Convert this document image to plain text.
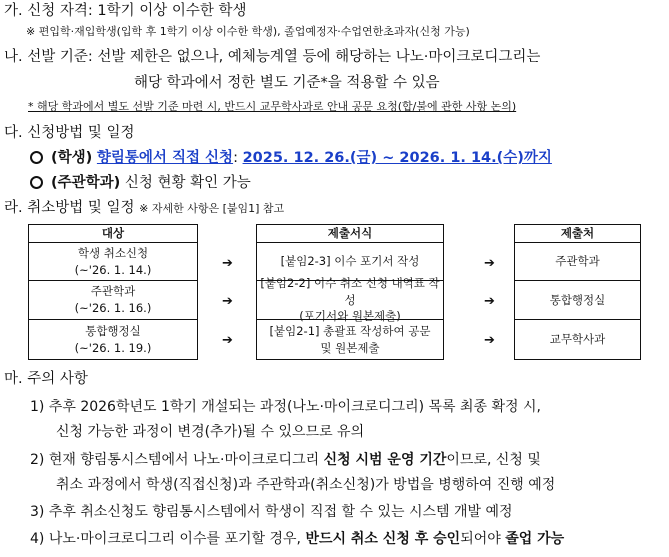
가. 신청 자격: 1학기 이상 이수한 학생
※ 편입학·재입학생(입학 후 1학기 이상 이수한 학생), 졸업예정자·수업연한초과자(신청 가능)
나. 선발 기준: 선발 제한은 없으나, 예체능계열 등에 해당하는 나노·마이크로디그리는
해당 학과에서 정한 별도 기준*을 적용할 수 있음
* 해당 학과에서 별도 선발 기준 마련 시, 반드시 교무학사과로 안내 공문 요청(합/불에 관한 사항 논의)
다. 신청방법 및 일정
(학생) 향림통에서 직접 신청: 2025. 12. 26.(금) ~ 2026. 1. 14.(수)까지
(주관학과) 신청 현황 확인 가능
라. 취소방법 및 일정 ※ 자세한 사항은 [붙임1] 참고
대상
학생 취소신청
(~'26. 1. 14.)
주관학과
(~'26. 1. 16.)
통합행정실
(~'26. 1. 19.)
제출서식
[붙임2-3] 이수 포기서 작성
[붙임2-2] 이수 취소 신청 내역표 작성
(포기서와 원본제출)
[붙임2-1] 총괄표 작성하여 공문
및 원본제출
제출처
주관학과
통합행정실
교무학사과
➔
➔
➔
➔
➔
➔
마. 주의 사항
1) 추후 2026학년도 1학기 개설되는 과정(나노·마이크로디그리) 목록 최종 확정 시,
신청 가능한 과정이 변경(추가)될 수 있으므로 유의
2) 현재 향림통시스템에서 나노·마이크로디그리 신청 시범 운영 기간이므로, 신청 및
취소 과정에서 학생(직접신청)과 주관학과(취소신청)가 방법을 병행하여 진행 예정
3) 추후 취소신청도 향림통시스템에서 학생이 직접 할 수 있는 시스템 개발 예정
4) 나노·마이크로디그리 이수를 포기할 경우, 반드시 취소 신청 후 승인되어야 졸업 가능
